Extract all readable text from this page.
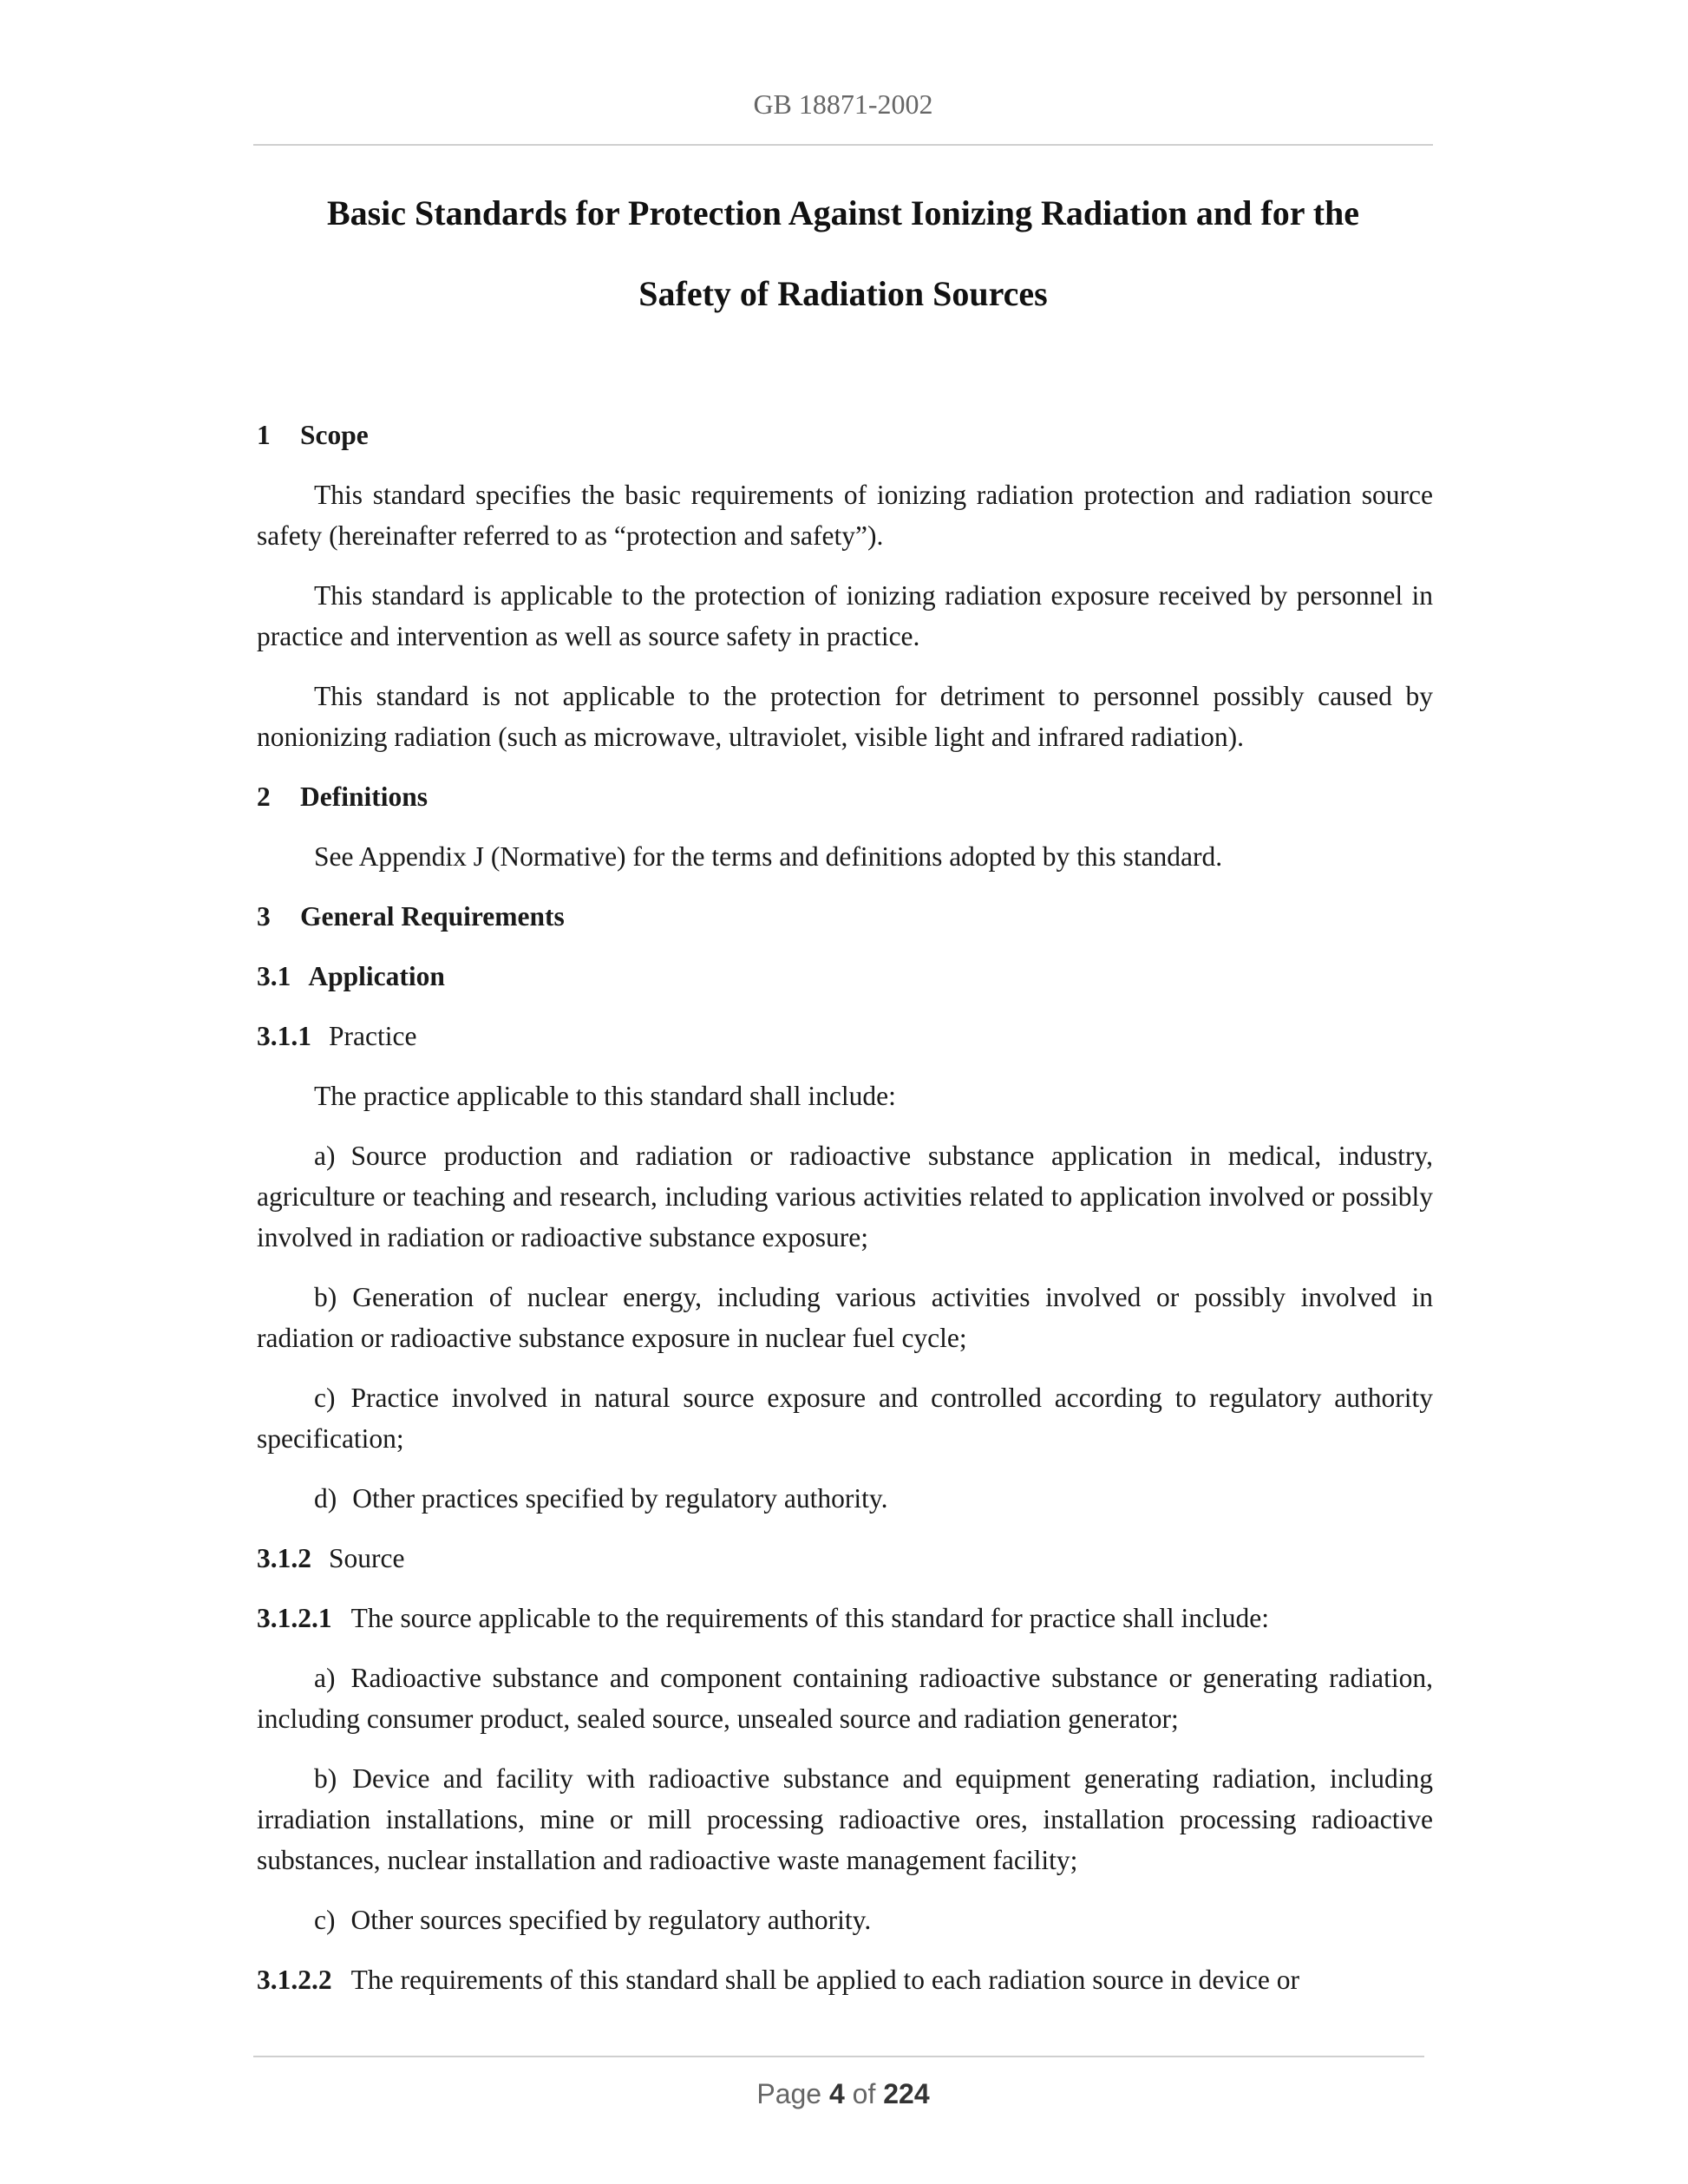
GB 18871-2002
Basic Standards for Protection Against Ionizing Radiation and for the
Safety of Radiation Sources

1 Scope

This standard specifies the basic requirements of ionizing radiation protection and radiation source safety (hereinafter referred to as “protection and safety”).

This standard is applicable to the protection of ionizing radiation exposure received by personnel in practice and intervention as well as source safety in practice.

This standard is not applicable to the protection for detriment to personnel possibly caused by nonionizing radiation (such as microwave, ultraviolet, visible light and infrared radiation).

2 Definitions

See Appendix J (Normative) for the terms and definitions adopted by this standard.

3 General Requirements

3.1 Application

3.1.1 Practice

The practice applicable to this standard shall include:

a) Source production and radiation or radioactive substance application in medical, industry, agriculture or teaching and research, including various activities related to application involved or possibly involved in radiation or radioactive substance exposure;

b) Generation of nuclear energy, including various activities involved or possibly involved in radiation or radioactive substance exposure in nuclear fuel cycle;

c) Practice involved in natural source exposure and controlled according to regulatory authority specification;

d) Other practices specified by regulatory authority.

3.1.2 Source

3.1.2.1 The source applicable to the requirements of this standard for practice shall include:

a) Radioactive substance and component containing radioactive substance or generating radiation, including consumer product, sealed source, unsealed source and radiation generator;

b) Device and facility with radioactive substance and equipment generating radiation, including irradiation installations, mine or mill processing radioactive ores, installation processing radioactive substances, nuclear installation and radioactive waste management facility;

c) Other sources specified by regulatory authority.

3.1.2.2 The requirements of this standard shall be applied to each radiation source in device or

Page 4 of 224
